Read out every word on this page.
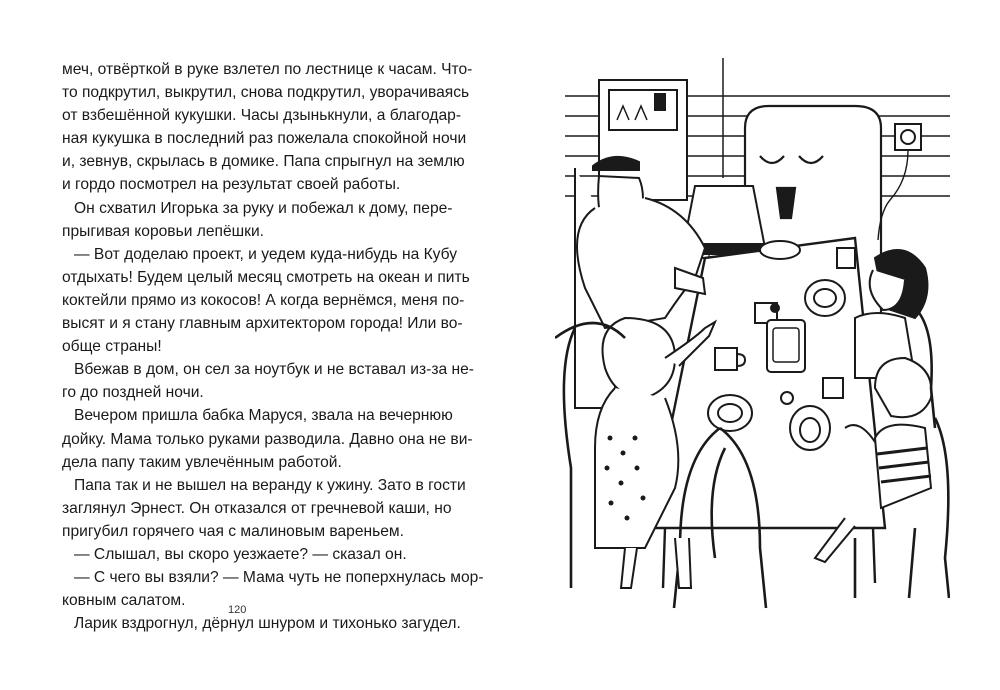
меч, отвёрткой в руке взлетел по лестнице к часам. Что-
то подкрутил, выкрутил, снова подкрутил, уворачиваясь
от взбешённой кукушки. Часы дзынькнули, а благодар-
ная кукушка в последний раз пожелала спокойной ночи
и, зевнув, скрылась в домике. Папа спрыгнул на землю
и гордо посмотрел на результат своей работы.
Он схватил Игорька за руку и побежал к дому, пере-
прыгивая коровьи лепёшки.
— Вот доделаю проект, и уедем куда-нибудь на Кубу
отдыхать! Будем целый месяц смотреть на океан и пить
коктейли прямо из кокосов! А когда вернёмся, меня по-
высят и я стану главным архитектором города! Или во-
обще страны!
Вбежав в дом, он сел за ноутбук и не вставал из-за не-
го до поздней ночи.
Вечером пришла бабка Маруся, звала на вечернюю
дойку. Мама только руками разводила. Давно она не ви-
дела папу таким увлечённым работой.
Папа так и не вышел на веранду к ужину. Зато в гости
заглянул Эрнест. Он отказался от гречневой каши, но
пригубил горячего чая с малиновым вареньем.
— Слышал, вы скоро уезжаете? — сказал он.
— С чего вы взяли? — Мама чуть не поперхнулась мор-
ковным салатом.
Ларик вздрогнул, дёрнул шнуром и тихонько загудел.
120
